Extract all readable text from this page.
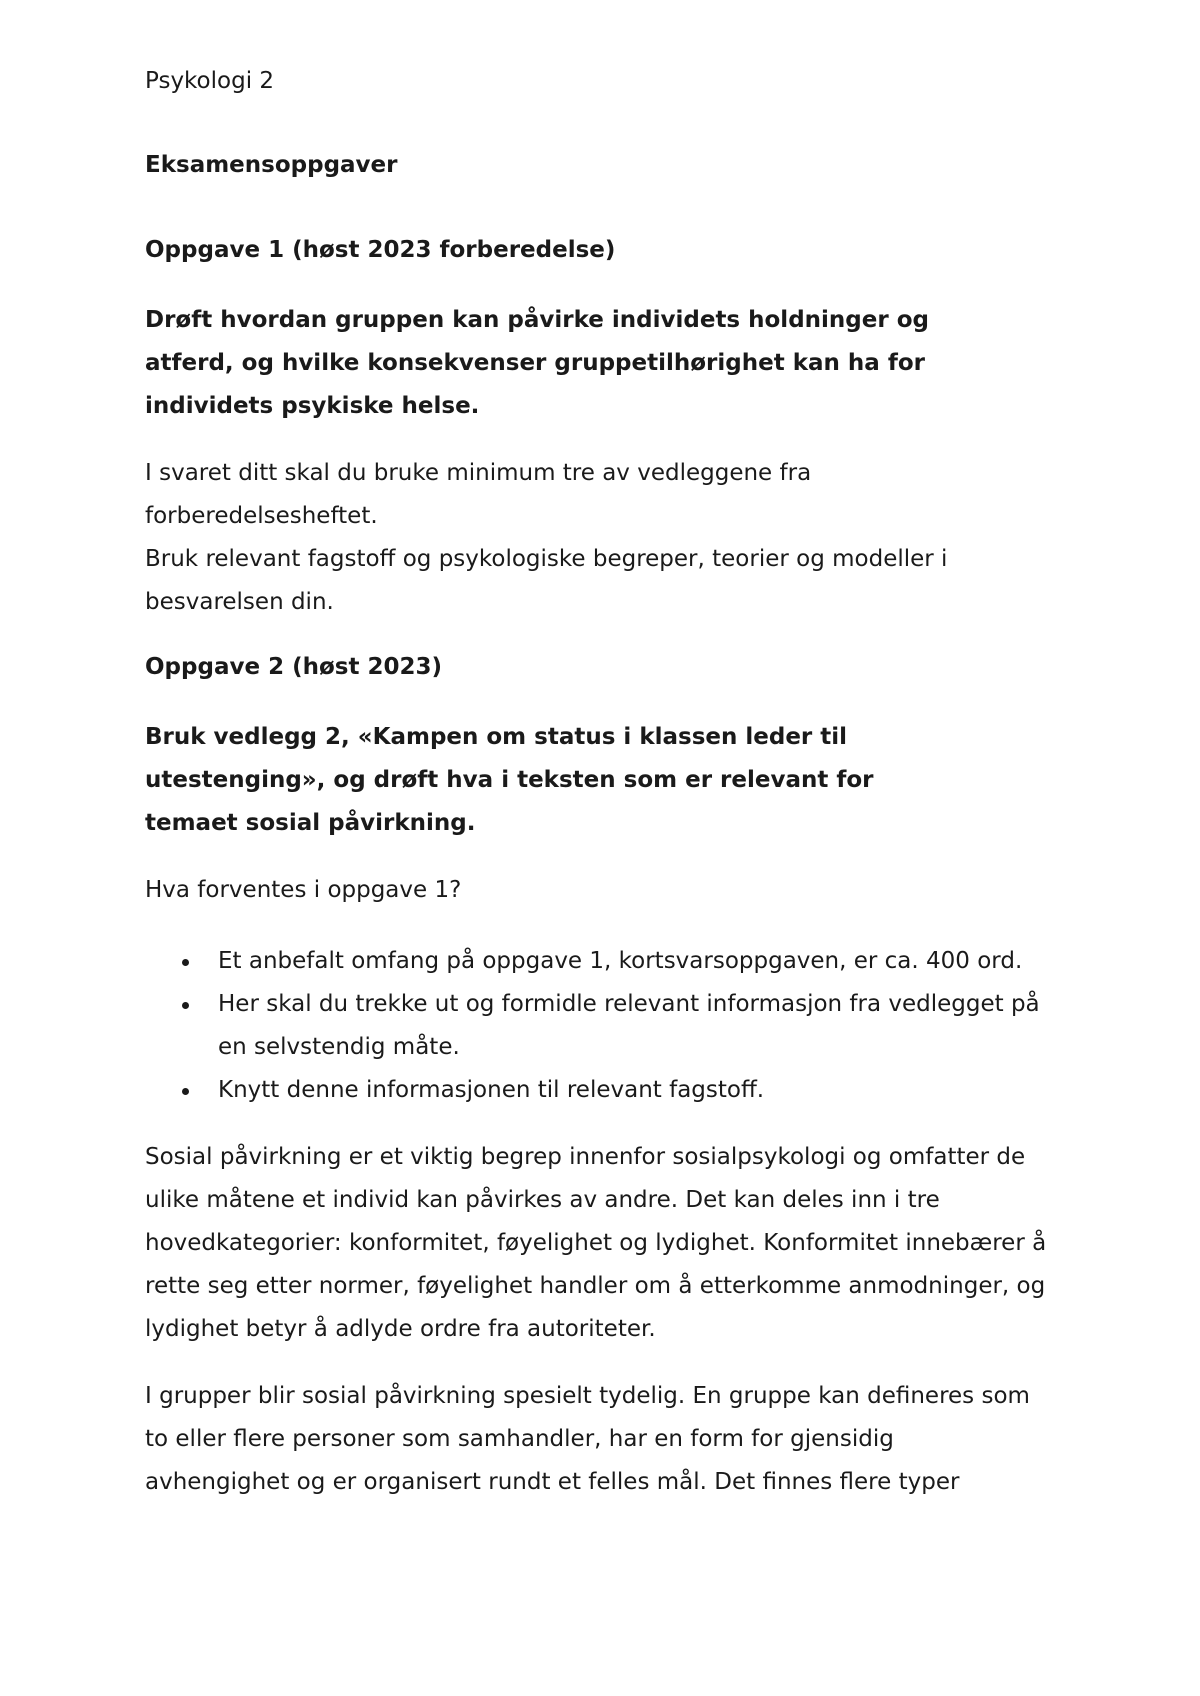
Psykologi 2

Eksamensoppgaver

Oppgave 1 (høst 2023 forberedelse)

Drøft hvordan gruppen kan påvirke individets holdninger og atferd, og hvilke konsekvenser gruppetilhørighet kan ha for individets psykiske helse.

I svaret ditt skal du bruke minimum tre av vedleggene fra forberedelsesheftet.

Bruk relevant fagstoff og psykologiske begreper, teorier og modeller i besvarelsen din.

Oppgave 2 (høst 2023)

Bruk vedlegg 2, «Kampen om status i klassen leder til utestenging», og drøft hva i teksten som er relevant for temaet sosial påvirkning.

Hva forventes i oppgave 1?

Et anbefalt omfang på oppgave 1, kortsvarsoppgaven, er ca. 400 ord.
Her skal du trekke ut og formidle relevant informasjon fra vedlegget på en selvstendig måte.
Knytt denne informasjonen til relevant fagstoff.

Sosial påvirkning er et viktig begrep innenfor sosialpsykologi og omfatter de ulike måtene et individ kan påvirkes av andre. Det kan deles inn i tre hovedkategorier: konformitet, føyelighet og lydighet. Konformitet innebærer å rette seg etter normer, føyelighet handler om å etterkomme anmodninger, og lydighet betyr å adlyde ordre fra autoriteter.

I grupper blir sosial påvirkning spesielt tydelig. En gruppe kan defineres som to eller flere personer som samhandler, har en form for gjensidig avhengighet og er organisert rundt et felles mål. Det finnes flere typer
